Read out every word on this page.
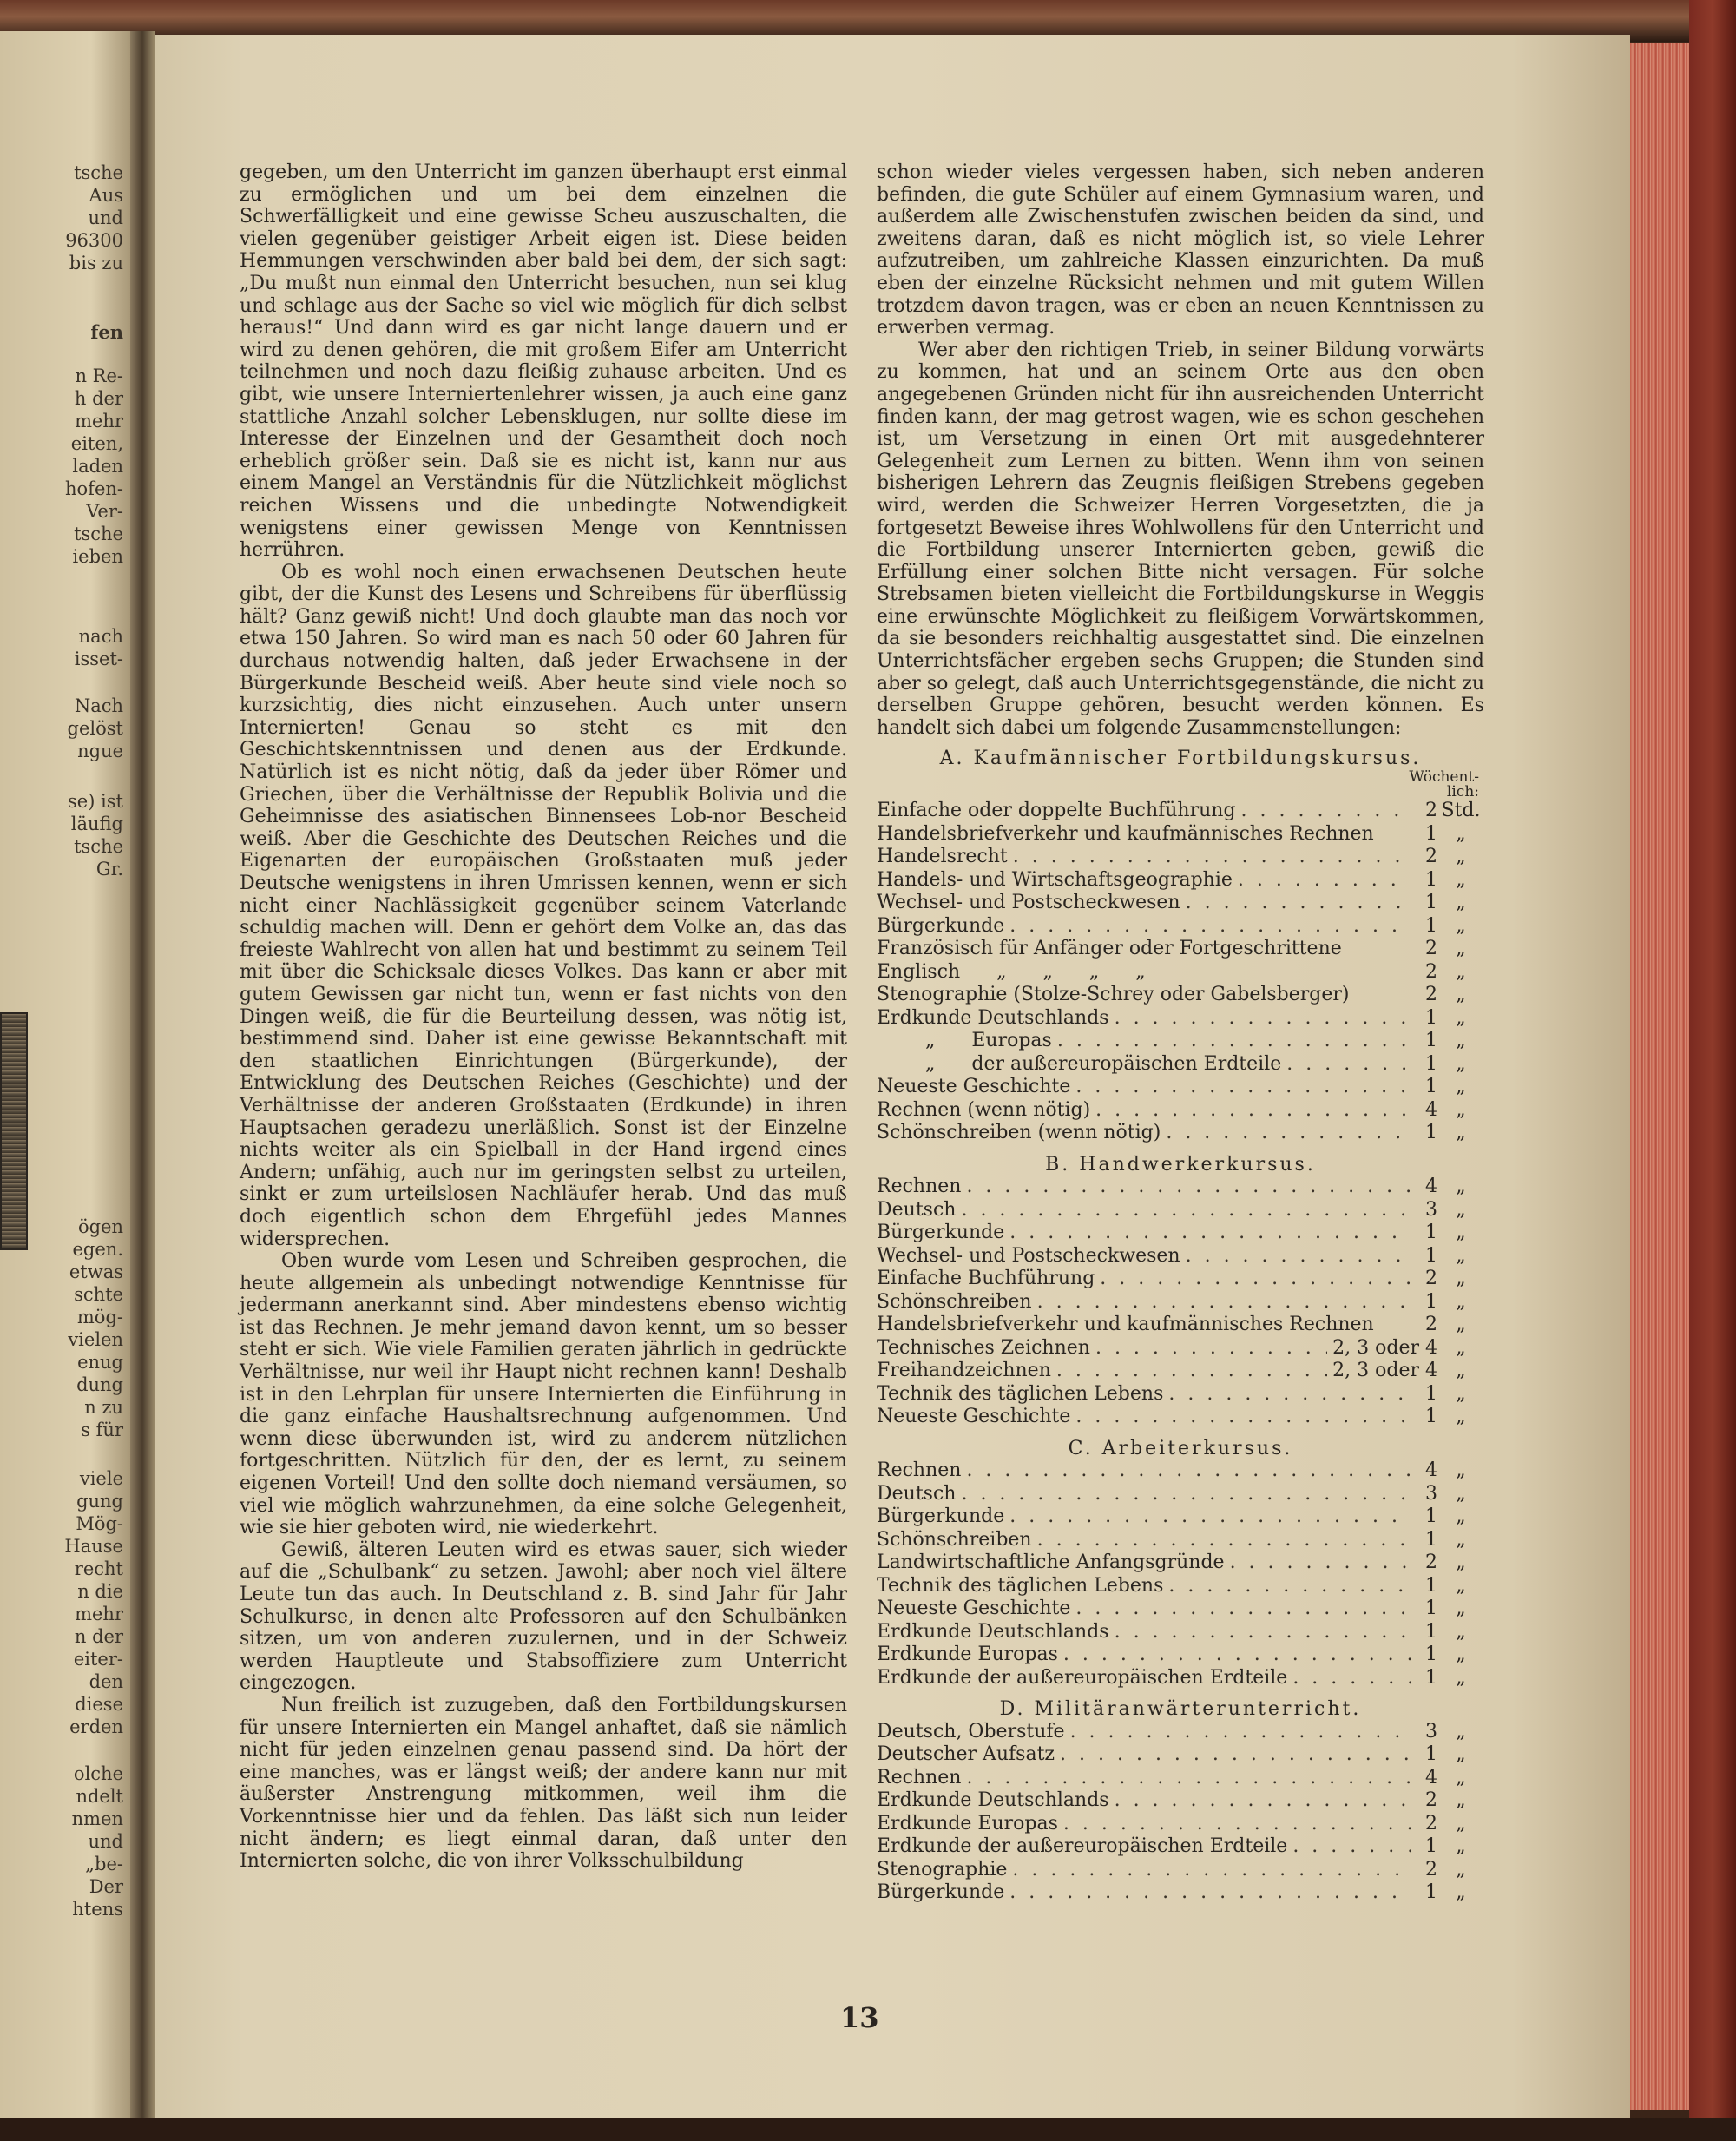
tsche
Aus
und
96300
bis zu
fen
n Re-
h der
mehr
eiten,
laden
hofen-
Ver-
tsche
ieben
nach
isset-
Nach
gelöst
ngue
se) ist
läufig
tsche
Gr.
ögen
egen.
etwas
schte
mög-
vielen
enug
dung
n zu
s für
viele
gung
Mög-
Hause
recht
n die
mehr
n der
eiter-
den
diese
erden
olche
ndelt
nmen
und
„be-
Der
htens

gegeben, um den Unterricht im ganzen überhaupt erst einmal zu ermöglichen und um bei dem einzelnen die Schwerfälligkeit und eine gewisse Scheu auszuschalten, die vielen gegenüber geistiger Arbeit eigen ist. Diese beiden Hemmungen verschwinden aber bald bei dem, der sich sagt: „Du mußt nun einmal den Unterricht besuchen, nun sei klug und schlage aus der Sache so viel wie möglich für dich selbst heraus!“ Und dann wird es gar nicht lange dauern und er wird zu denen gehören, die mit großem Eifer am Unterricht teilnehmen und noch dazu fleißig zuhause arbeiten. Und es gibt, wie unsere Interniertenlehrer wissen, ja auch eine ganz stattliche Anzahl solcher Lebensklugen, nur sollte diese im Interesse der Einzelnen und der Gesamtheit doch noch erheblich größer sein. Daß sie es nicht ist, kann nur aus einem Mangel an Verständnis für die Nützlichkeit möglichst reichen Wissens und die unbedingte Notwendigkeit wenigstens einer gewissen Menge von Kenntnissen herrühren.

Ob es wohl noch einen erwachsenen Deutschen heute gibt, der die Kunst des Lesens und Schreibens für überflüssig hält? Ganz gewiß nicht! Und doch glaubte man das noch vor etwa 150 Jahren. So wird man es nach 50 oder 60 Jahren für durchaus notwendig halten, daß jeder Erwachsene in der Bürgerkunde Bescheid weiß. Aber heute sind viele noch so kurzsichtig, dies nicht einzusehen. Auch unter unsern Internierten! Genau so steht es mit den Geschichtskenntnissen und denen aus der Erdkunde. Natürlich ist es nicht nötig, daß da jeder über Römer und Griechen, über die Verhältnisse der Republik Bolivia und die Geheimnisse des asiatischen Binnensees Lob-nor Bescheid weiß. Aber die Geschichte des Deutschen Reiches und die Eigenarten der europäischen Großstaaten muß jeder Deutsche wenigstens in ihren Umrissen kennen, wenn er sich nicht einer Nachlässigkeit gegenüber seinem Vaterlande schuldig machen will. Denn er gehört dem Volke an, das das freieste Wahlrecht von allen hat und bestimmt zu seinem Teil mit über die Schicksale dieses Volkes. Das kann er aber mit gutem Gewissen gar nicht tun, wenn er fast nichts von den Dingen weiß, die für die Beurteilung dessen, was nötig ist, bestimmend sind. Daher ist eine gewisse Bekanntschaft mit den staatlichen Einrichtungen (Bürgerkunde), der Entwicklung des Deutschen Reiches (Geschichte) und der Verhältnisse der anderen Großstaaten (Erdkunde) in ihren Hauptsachen geradezu unerläßlich. Sonst ist der Einzelne nichts weiter als ein Spielball in der Hand irgend eines Andern; unfähig, auch nur im geringsten selbst zu urteilen, sinkt er zum urteilslosen Nachläufer herab. Und das muß doch eigentlich schon dem Ehrgefühl jedes Mannes widersprechen.

Oben wurde vom Lesen und Schreiben gesprochen, die heute allgemein als unbedingt notwendige Kenntnisse für jedermann anerkannt sind. Aber mindestens ebenso wichtig ist das Rechnen. Je mehr jemand davon kennt, um so besser steht er sich. Wie viele Familien geraten jährlich in gedrückte Verhältnisse, nur weil ihr Haupt nicht rechnen kann! Deshalb ist in den Lehrplan für unsere Internierten die Einführung in die ganz einfache Haushaltsrechnung aufgenommen. Und wenn diese überwunden ist, wird zu anderem nützlichen fortgeschritten. Nützlich für den, der es lernt, zu seinem eigenen Vorteil! Und den sollte doch niemand versäumen, so viel wie möglich wahrzunehmen, da eine solche Gelegenheit, wie sie hier geboten wird, nie wiederkehrt.

Gewiß, älteren Leuten wird es etwas sauer, sich wieder auf die „Schulbank“ zu setzen. Jawohl; aber noch viel ältere Leute tun das auch. In Deutschland z. B. sind Jahr für Jahr Schulkurse, in denen alte Professoren auf den Schulbänken sitzen, um von anderen zuzulernen, und in der Schweiz werden Hauptleute und Stabsoffiziere zum Unterricht eingezogen.

Nun freilich ist zuzugeben, daß den Fortbildungskursen für unsere Internierten ein Mangel anhaftet, daß sie nämlich nicht für jeden einzelnen genau passend sind. Da hört der eine manches, was er längst weiß; der andere kann nur mit äußerster Anstrengung mitkommen, weil ihm die Vorkenntnisse hier und da fehlen. Das läßt sich nun leider nicht ändern; es liegt einmal daran, daß unter den Internierten solche, die von ihrer Volksschulbildung

schon wieder vieles vergessen haben, sich neben anderen befinden, die gute Schüler auf einem Gymnasium waren, und außerdem alle Zwischenstufen zwischen beiden da sind, und zweitens daran, daß es nicht möglich ist, so viele Lehrer aufzutreiben, um zahlreiche Klassen einzurichten. Da muß eben der einzelne Rücksicht nehmen und mit gutem Willen trotzdem davon tragen, was er eben an neuen Kenntnissen zu erwerben vermag.

Wer aber den richtigen Trieb, in seiner Bildung vorwärts zu kommen, hat und an seinem Orte aus den oben angegebenen Gründen nicht für ihn ausreichenden Unterricht finden kann, der mag getrost wagen, wie es schon geschehen ist, um Versetzung in einen Ort mit ausgedehnterer Gelegenheit zum Lernen zu bitten. Wenn ihm von seinen bisherigen Lehrern das Zeugnis fleißigen Strebens gegeben wird, werden die Schweizer Herren Vorgesetzten, die ja fortgesetzt Beweise ihres Wohlwollens für den Unterricht und die Fortbildung unserer Internierten geben, gewiß die Erfüllung einer solchen Bitte nicht versagen. Für solche Strebsamen bieten vielleicht die Fortbildungskurse in Weggis eine erwünschte Möglichkeit zu fleißigem Vorwärtskommen, da sie besonders reichhaltig ausgestattet sind. Die einzelnen Unterrichtsfächer ergeben sechs Gruppen; die Stunden sind aber so gelegt, daß auch Unterrichtsgegenstände, die nicht zu derselben Gruppe gehören, besucht werden können. Es handelt sich dabei um folgende Zusammenstellungen:

A. Kaufmännischer Fortbildungskursus.
Wöchent-
lich:
Einfache oder doppelte Buchführung . . .	2 Std.
Handelsbriefverkehr und kaufmännisches Rechnen	1 „
Handelsrecht . . .	2 „
Handels- und Wirtschaftsgeographie . . .	1 „
Wechsel- und Postscheckwesen . . .	1 „
Bürgerkunde . . .	1 „
Französisch für Anfänger oder Fortgeschrittene	2 „
Englisch      „      „      „      „	2 „
Stenographie (Stolze-Schrey oder Gabelsberger)	2 „
Erdkunde Deutschlands . . .	1 „
„      Europas . . .	1 „
„      der außereuropäischen Erdteile . . .	1 „
Neueste Geschichte . . .	1 „
Rechnen (wenn nötig) . . .	4 „
Schönschreiben (wenn nötig) . . .	1 „
B. Handwerkerkursus.
Rechnen . . .	4 „
Deutsch . . .	3 „
Bürgerkunde . . .	1 „
Wechsel- und Postscheckwesen . . .	1 „
Einfache Buchführung . . .	2 „
Schönschreiben . . .	1 „
Handelsbriefverkehr und kaufmännisches Rechnen	2 „
Technisches Zeichnen . . .	2, 3 oder 4 „
Freihandzeichnen . . .	2, 3 oder 4 „
Technik des täglichen Lebens . . .	1 „
Neueste Geschichte . . .	1 „
C. Arbeiterkursus.
Rechnen . . .	4 „
Deutsch . . .	3 „
Bürgerkunde . . .	1 „
Schönschreiben . . .	1 „
Landwirtschaftliche Anfangsgründe . . .	2 „
Technik des täglichen Lebens . . .	1 „
Neueste Geschichte . . .	1 „
Erdkunde Deutschlands . . .	1 „
Erdkunde Europas . . .	1 „
Erdkunde der außereuropäischen Erdteile . . .	1 „
D. Militäranwärterunterricht.
Deutsch, Oberstufe . . .	3 „
Deutscher Aufsatz . . .	1 „
Rechnen . . .	4 „
Erdkunde Deutschlands . . .	2 „
Erdkunde Europas . . .	2 „
Erdkunde der außereuropäischen Erdteile . . .	1 „
Stenographie . . .	2 „
Bürgerkunde . . .	1 „
13
